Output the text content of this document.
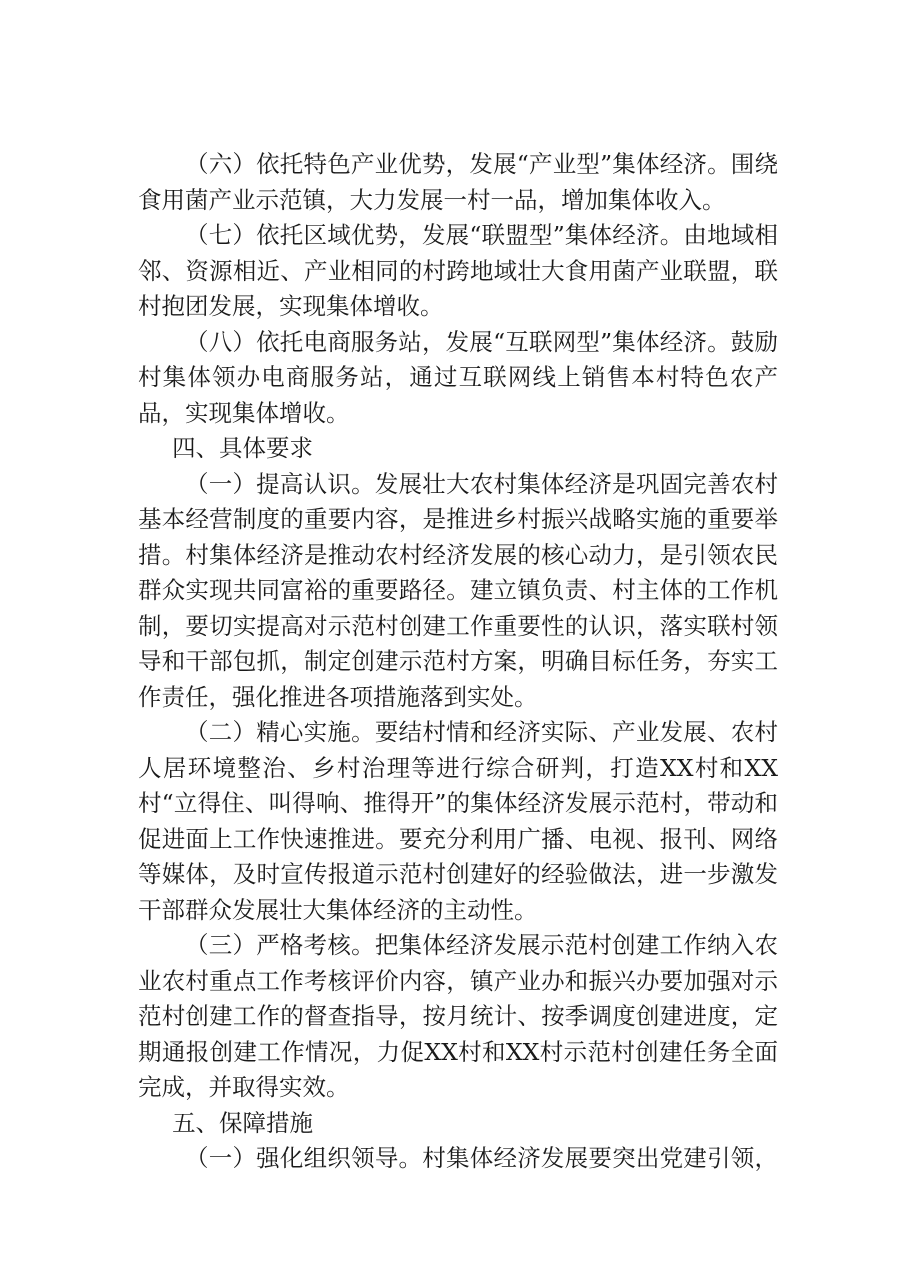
（六）依托特色产业优势，发展“产业型”集体经济。围绕食用菌产业示范镇，大力发展一村一品，增加集体收入。

（七）依托区域优势，发展“联盟型”集体经济。由地域相邻、资源相近、产业相同的村跨地域壮大食用菌产业联盟，联村抱团发展，实现集体增收。

（八）依托电商服务站，发展“互联网型”集体经济。鼓励村集体领办电商服务站，通过互联网线上销售本村特色农产品，实现集体增收。

四、具体要求

（一）提高认识。发展壮大农村集体经济是巩固完善农村基本经营制度的重要内容，是推进乡村振兴战略实施的重要举措。村集体经济是推动农村经济发展的核心动力，是引领农民群众实现共同富裕的重要路径。建立镇负责、村主体的工作机制，要切实提高对示范村创建工作重要性的认识，落实联村领导和干部包抓，制定创建示范村方案，明确目标任务，夯实工作责任，强化推进各项措施落到实处。

（二）精心实施。要结村情和经济实际、产业发展、农村人居环境整治、乡村治理等进行综合研判，打造XX村和XX村“立得住、叫得响、推得开”的集体经济发展示范村，带动和促进面上工作快速推进。要充分利用广播、电视、报刊、网络等媒体，及时宣传报道示范村创建好的经验做法，进一步激发干部群众发展壮大集体经济的主动性。

（三）严格考核。把集体经济发展示范村创建工作纳入农业农村重点工作考核评价内容，镇产业办和振兴办要加强对示范村创建工作的督查指导，按月统计、按季调度创建进度，定期通报创建工作情况，力促XX村和XX村示范村创建任务全面完成，并取得实效。

五、保障措施

（一）强化组织领导。村集体经济发展要突出党建引领，
